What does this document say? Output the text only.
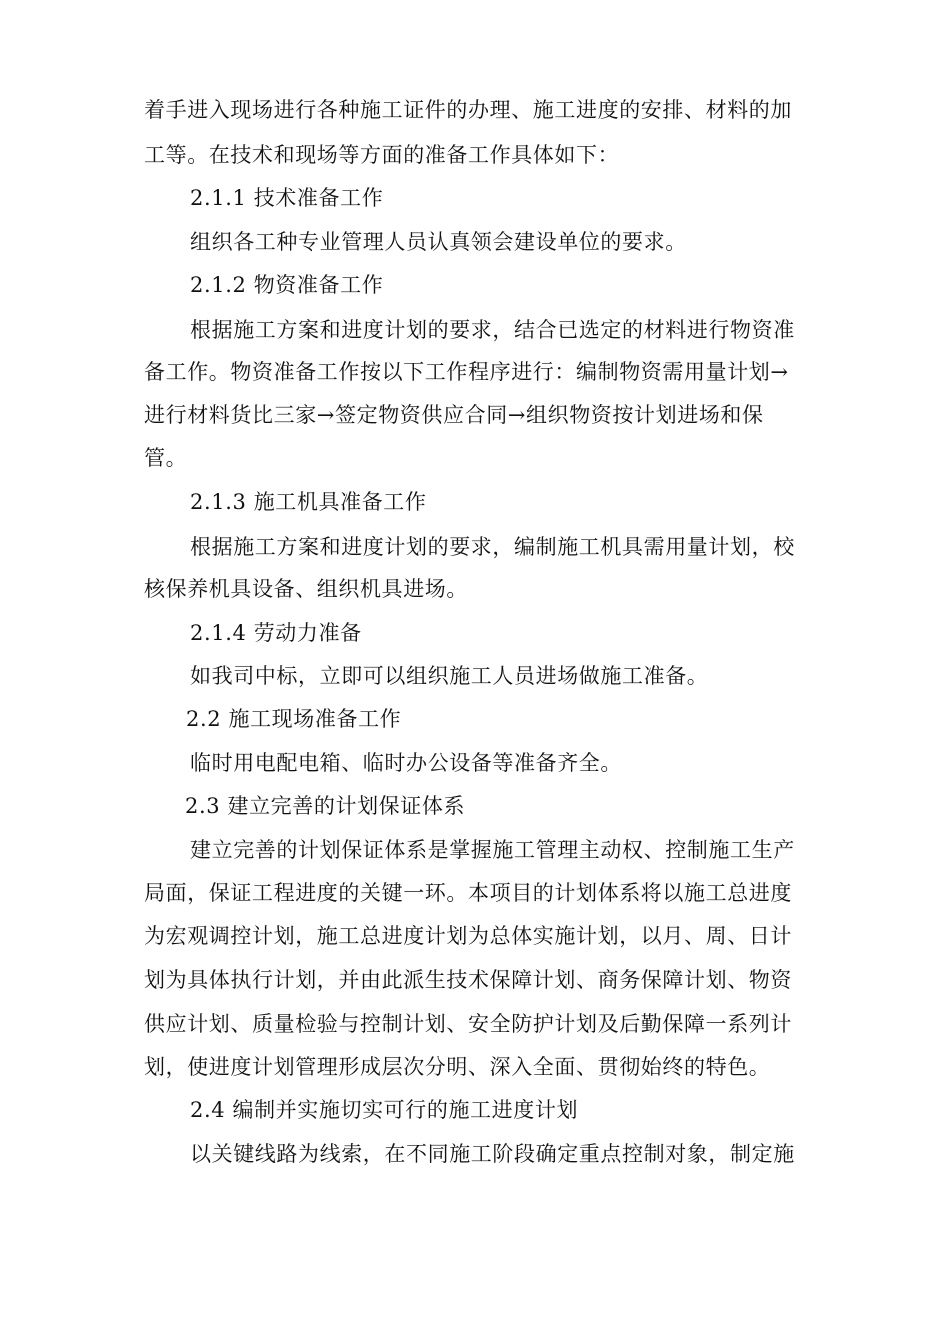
着手进入现场进行各种施工证件的办理、施工进度的安排、材料的加
工等。在技术和现场等方面的准备工作具体如下：
2.1.1 技术准备工作
组织各工种专业管理人员认真领会建设单位的要求。
2.1.2 物资准备工作
根据施工方案和进度计划的要求，结合已选定的材料进行物资准
备工作。物资准备工作按以下工作程序进行：编制物资需用量计划→
进行材料货比三家→签定物资供应合同→组织物资按计划进场和保
管。
2.1.3 施工机具准备工作
根据施工方案和进度计划的要求，编制施工机具需用量计划，校
核保养机具设备、组织机具进场。
2.1.4 劳动力准备
如我司中标，立即可以组织施工人员进场做施工准备。
2.2 施工现场准备工作
临时用电配电箱、临时办公设备等准备齐全。
2.3 建立完善的计划保证体系
建立完善的计划保证体系是掌握施工管理主动权、控制施工生产
局面，保证工程进度的关键一环。本项目的计划体系将以施工总进度
为宏观调控计划，施工总进度计划为总体实施计划，以月、周、日计
划为具体执行计划，并由此派生技术保障计划、商务保障计划、物资
供应计划、质量检验与控制计划、安全防护计划及后勤保障一系列计
划，使进度计划管理形成层次分明、深入全面、贯彻始终的特色。
2.4 编制并实施切实可行的施工进度计划
以关键线路为线索，在不同施工阶段确定重点控制对象，制定施
